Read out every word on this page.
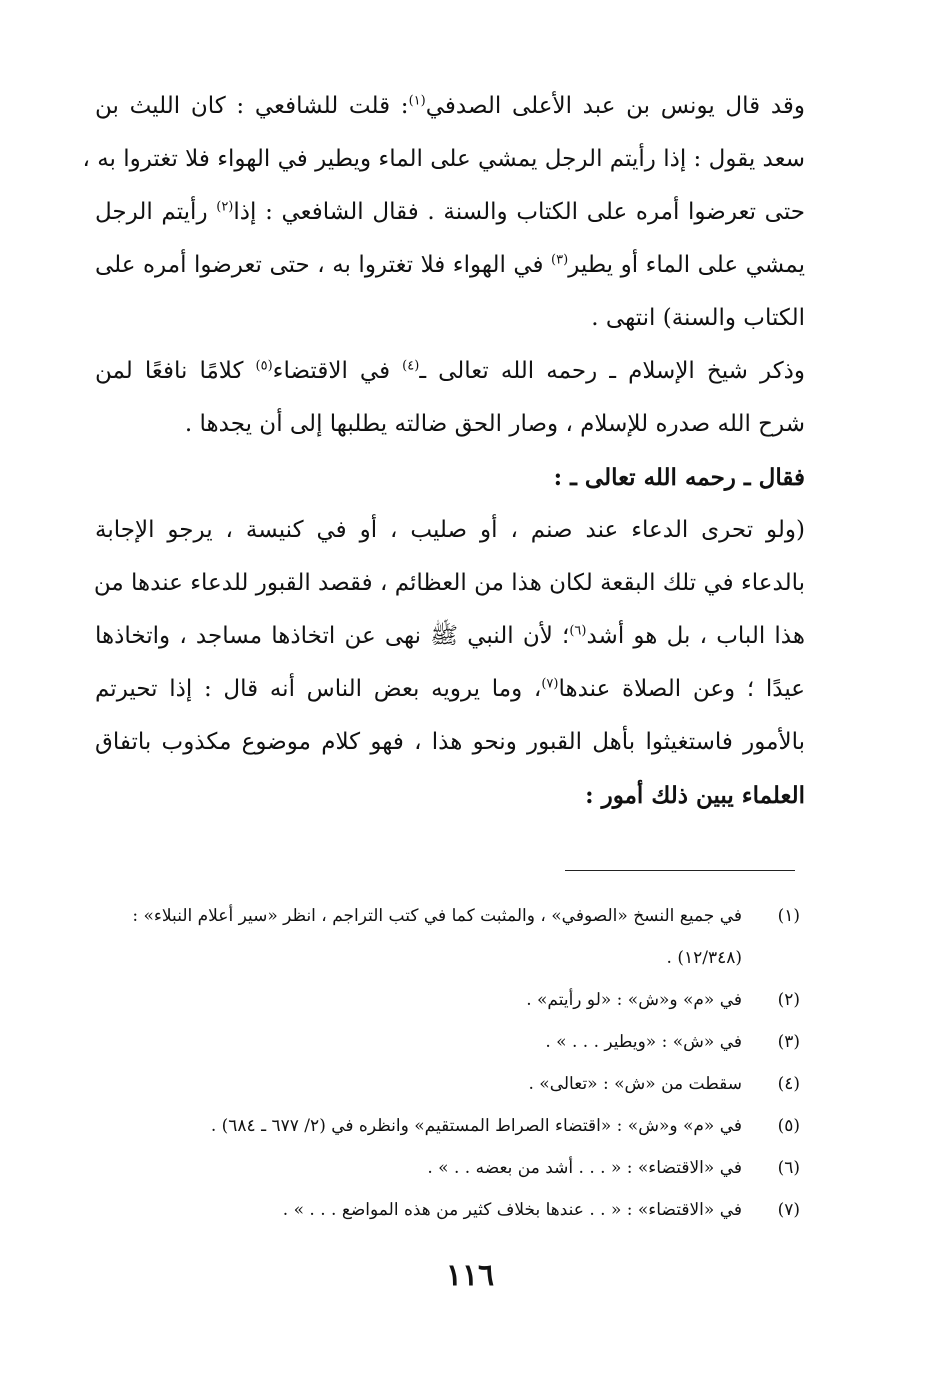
وقد قال يونس بن عبد الأعلى الصدفي$^{(١)}$: قلت للشافعي : كان الليث بن
سعد يقول : إذا رأيتم الرجل يمشي على الماء ويطير في الهواء فلا تغتروا به ،
حتى تعرضوا أمره على الكتاب والسنة . فقال الشافعي : إذا$^{(٢)}$ رأيتم الرجل
يمشي على الماء أو يطير$^{(٣)}$ في الهواء فلا تغتروا به ، حتى تعرضوا أمره على
الكتاب والسنة) انتهى .
وذكر شيخ الإسلام ـ رحمه الله تعالى ـ$^{(٤)}$ في الاقتضاء$^{(٥)}$ كلامًا نافعًا لمن
شرح الله صدره للإسلام ، وصار الحق ضالته يطلبها إلى أن يجدها .
فقال ـ رحمه الله تعالى ـ :
(ولو تحرى الدعاء عند صنم ، أو صليب ، أو في كنيسة ، يرجو الإجابة
بالدعاء في تلك البقعة لكان هذا من العظائم ، فقصد القبور للدعاء عندها من
هذا الباب ، بل هو أشد$^{(٦)}$؛ لأن النبي ﷺ نهى عن اتخاذها مساجد ، واتخاذها
عيدًا ؛ وعن الصلاة عندها$^{(٧)}$، وما يرويه بعض الناس أنه قال : إذا تحيرتم
بالأمور فاستغيثوا بأهل القبور ونحو هذا ، فهو كلام موضوع مكذوب باتفاق
العلماء يبين ذلك أمور :
(١)
في جميع النسخ «الصوفي» ، والمثبت كما في كتب التراجم ، انظر «سير أعلام النبلاء» :
(١٢/٣٤٨) .
(٢)
في «م» و«ش» : «لو رأيتم» .
(٣)
في «ش» : «ويطير . . . » .
(٤)
سقطت من «ش» : «تعالى» .
(٥)
في «م» و«ش» : «اقتضاء الصراط المستقيم» وانظره في (٢/ ٦٧٧ ـ ٦٨٤) .
(٦)
في «الاقتضاء» : « . . . أشد من بعضه . . » .
(٧)
في «الاقتضاء» : « . . عندها بخلاف كثير من هذه المواضع . . . » .
١١٦
